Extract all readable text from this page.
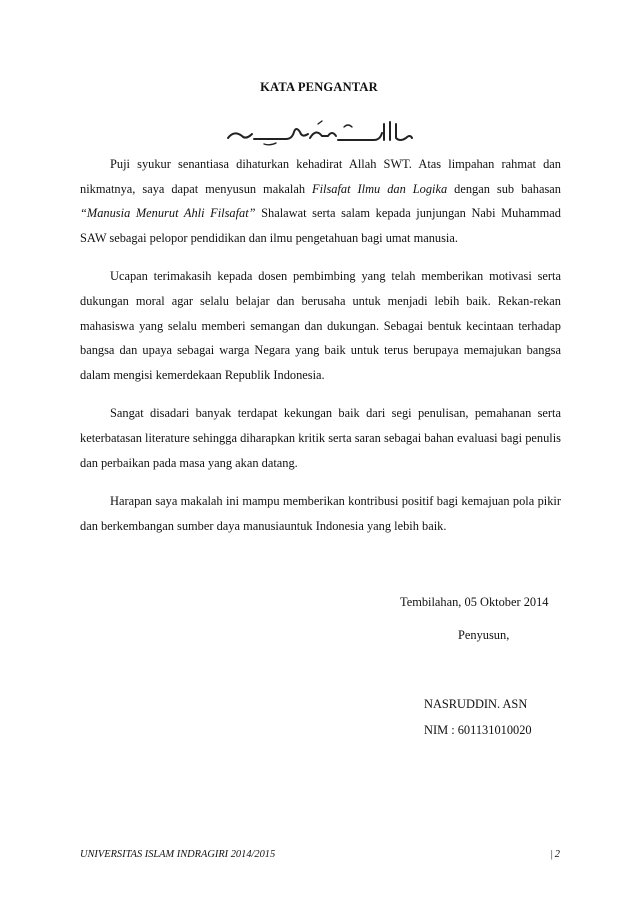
KATA PENGANTAR

Puji syukur senantiasa dihaturkan kehadirat Allah SWT. Atas limpahan rahmat dan nikmatnya, saya dapat menyusun makalah Filsafat Ilmu dan Logika dengan sub bahasan “Manusia Menurut Ahli Filsafat” Shalawat serta salam kepada junjungan Nabi Muhammad SAW sebagai pelopor pendidikan dan ilmu pengetahuan bagi umat manusia.

Ucapan terimakasih kepada dosen pembimbing yang telah memberikan motivasi serta dukungan moral agar selalu belajar dan berusaha untuk menjadi lebih baik. Rekan-rekan mahasiswa yang selalu memberi semangan dan dukungan. Sebagai bentuk kecintaan terhadap bangsa dan upaya sebagai warga Negara yang baik untuk terus berupaya memajukan bangsa dalam mengisi kemerdekaan Republik Indonesia.

Sangat disadari banyak terdapat kekungan baik dari segi penulisan, pemahanan serta keterbatasan literature sehingga diharapkan kritik serta saran sebagai bahan evaluasi bagi penulis dan perbaikan pada masa yang akan datang.

Harapan saya makalah ini mampu memberikan kontribusi positif bagi kemajuan pola pikir dan berkembangan sumber daya manusiauntuk Indonesia yang lebih baik.

Tembilahan, 05 Oktober 2014
Penyusun,
NASRUDDIN. ASN
NIM : 601131010020
UNIVERSITAS ISLAM INDRAGIRI 2014/2015	| 2
